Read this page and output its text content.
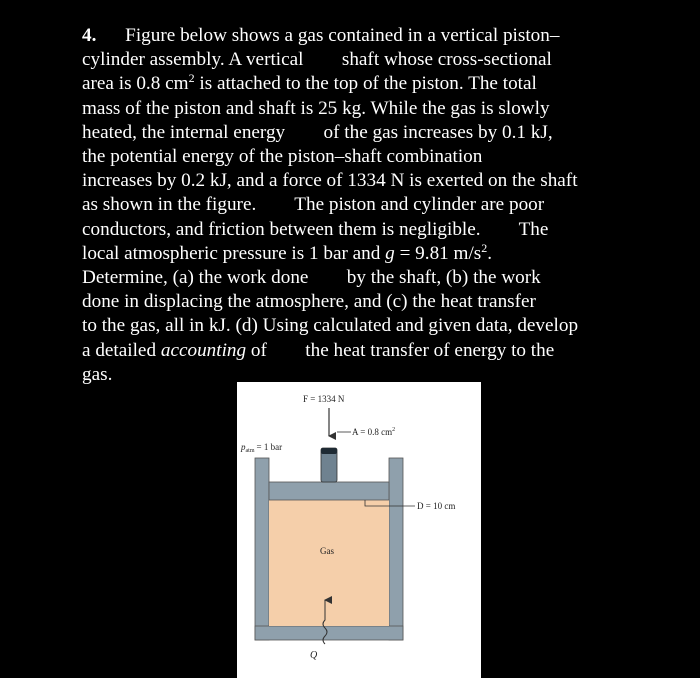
4. Figure below shows a gas contained in a vertical piston–
cylinder assembly. A vertical        shaft whose cross-sectional
area is 0.8 $cm^2$ is attached to the top of the piston. The total
mass of the piston and shaft is 25 kg. While the gas is slowly
heated, the internal energy        of the gas increases by 0.1 kJ,
the potential energy of the piston–shaft combination
increases by 0.2 kJ, and a force of 1334 N is exerted on the shaft
as shown in the figure.        The piston and cylinder are poor
conductors, and friction between them is negligible.        The
local atmospheric pressure is 1 bar and g = 9.81 $m/s^2$.
Determine, (a) the work done        by the shaft, (b) the work
done in displacing the atmosphere, and (c) the heat transfer
to the gas, all in kJ. (d) Using calculated and given data, develop
a detailed accounting of        the heat transfer of energy to the
gas.
F = 1334 N
A = 0.8 $cm^2$
$p_{atm} = 1$ bar
D = 10 cm
Gas
Q
